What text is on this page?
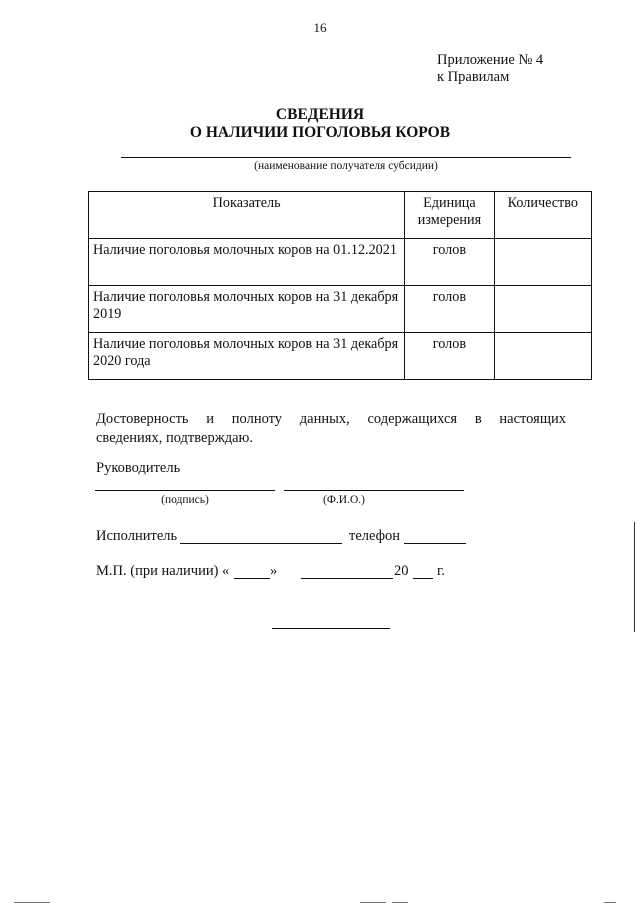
16
Приложение № 4
к Правилам
СВЕДЕНИЯ
О НАЛИЧИИ ПОГОЛОВЬЯ КОРОВ
(наименование получателя субсидии)
Показатель	Единица измерения	Количество
Наличие поголовья молочных коров на 01.12.2021	голов	
Наличие поголовья молочных коров на 31 декабря 2019	голов	
Наличие поголовья молочных коров на 31 декабря 2020 года	голов	
Достоверность и полноту данных, содержащихся в настоящих
сведениях, подтверждаю.
Руководитель
(подпись)	(Ф.И.О.)
Исполнитель	телефон
М.П. (при наличии) «	»	20 г.
